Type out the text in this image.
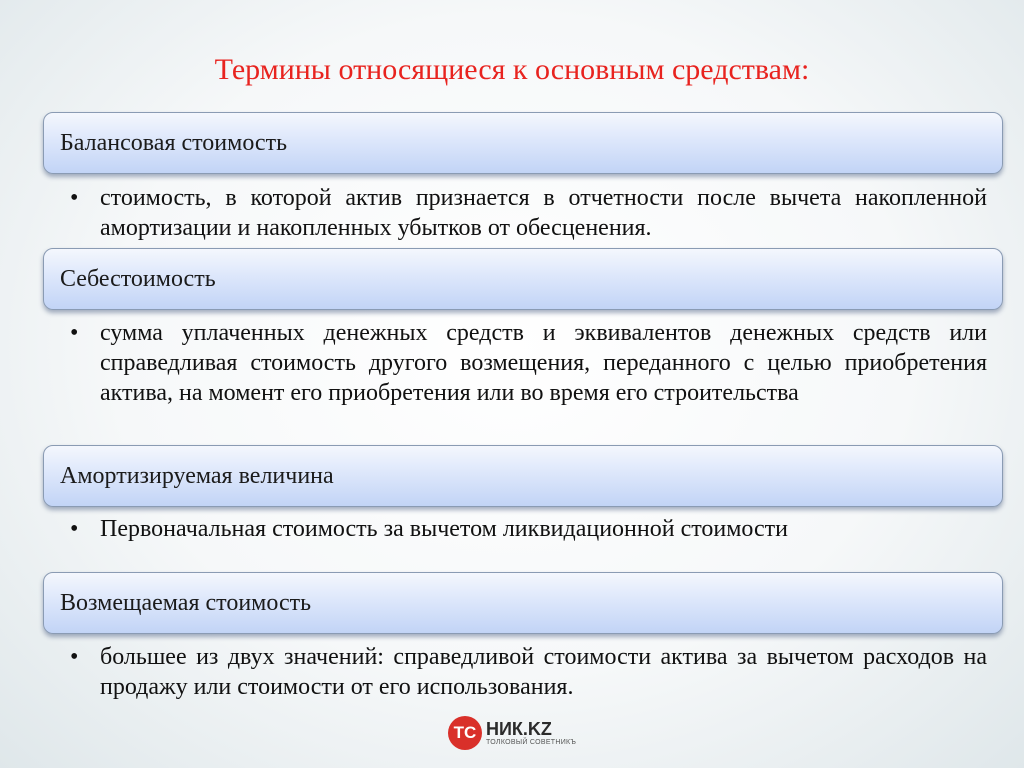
Термины относящиеся к основным средствам:
Балансовая стоимость
• стоимость, в которой актив признается в отчетности после вычета накопленной амортизации и накопленных убытков от обесценения.
Себестоимость
• сумма уплаченных денежных средств и эквивалентов денежных средств или справедливая стоимость другого возмещения, переданного с целью приобретения актива, на момент его приобретения или во время его строительства
Амортизируемая величина
• Первоначальная стоимость за вычетом ликвидационной стоимости
Возмещаемая стоимость
• большее из двух значений: справедливой стоимости актива за вычетом расходов на продажу или стоимости от его использования.
ТС НИК.KZ
ТОЛКОВЫЙ СОВЕТНИКЪ
